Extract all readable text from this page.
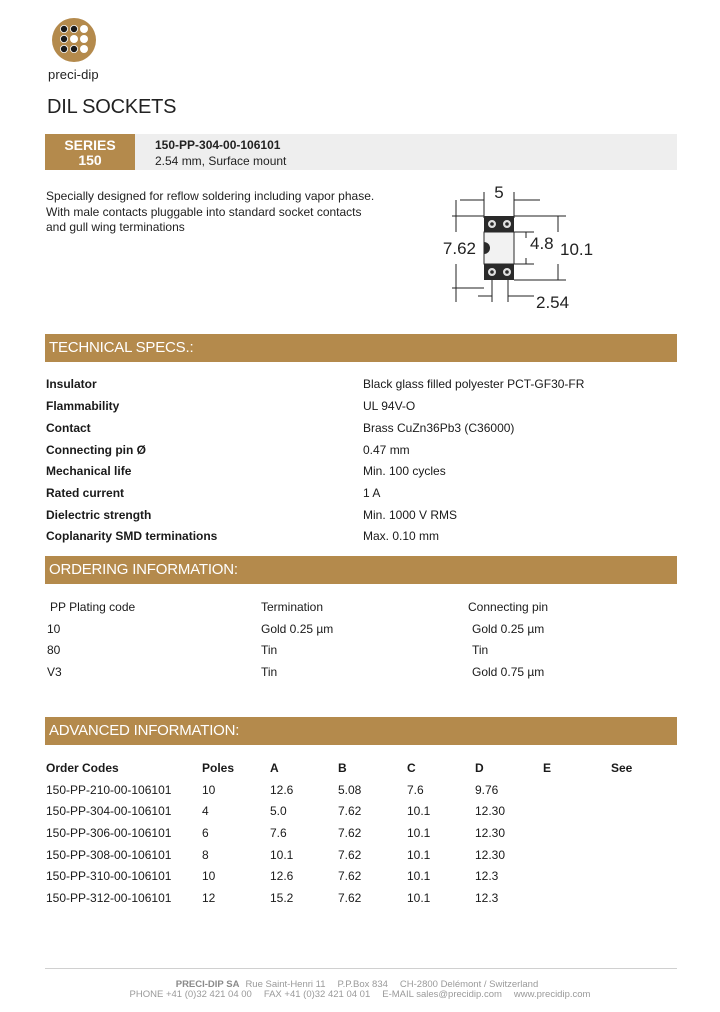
preci-dip
DIL SOCKETS
SERIES
150
150-PP-304-00-106101
2.54 mm, Surface mount
Specially designed for reflow soldering including vapor phase. With male contacts pluggable into standard socket contacts and gull wing terminations
5
7.62	4.8 10.1
2.54
TECHNICAL SPECS.:
Insulator	Black glass filled polyester PCT-GF30-FR
Flammability	UL 94V-O
Contact	Brass CuZn36Pb3 (C36000)
Connecting pin Ø	0.47 mm
Mechanical life	Min. 100 cycles
Rated current	1 A
Dielectric strength	Min. 1000 V RMS
Coplanarity SMD terminations	Max. 0.10 mm
ORDERING INFORMATION:
PP Plating code	Termination	Connecting pin
10	Gold 0.25 µm	Gold 0.25 µm
80	Tin	Tin
V3	Tin	Gold 0.75 µm
ADVANCED INFORMATION:
Order Codes	Poles	A	B	C	D	E	See
150-PP-210-00-106101	10	12.6	5.08	7.6	9.76
150-PP-304-00-106101	4	5.0	7.62	10.1	12.30
150-PP-306-00-106101	6	7.6	7.62	10.1	12.30
150-PP-308-00-106101	8	10.1	7.62	10.1	12.30
150-PP-310-00-106101	10	12.6	7.62	10.1	12.3
150-PP-312-00-106101	12	15.2	7.62	10.1	12.3
PRECI-DIP SA Rue Saint-Henri 11 P.P.Box 834 CH-2800 Delémont / Switzerland
PHONE +41 (0)32 421 04 00 FAX +41 (0)32 421 04 01 E-MAIL sales@precidip.com www.precidip.com
